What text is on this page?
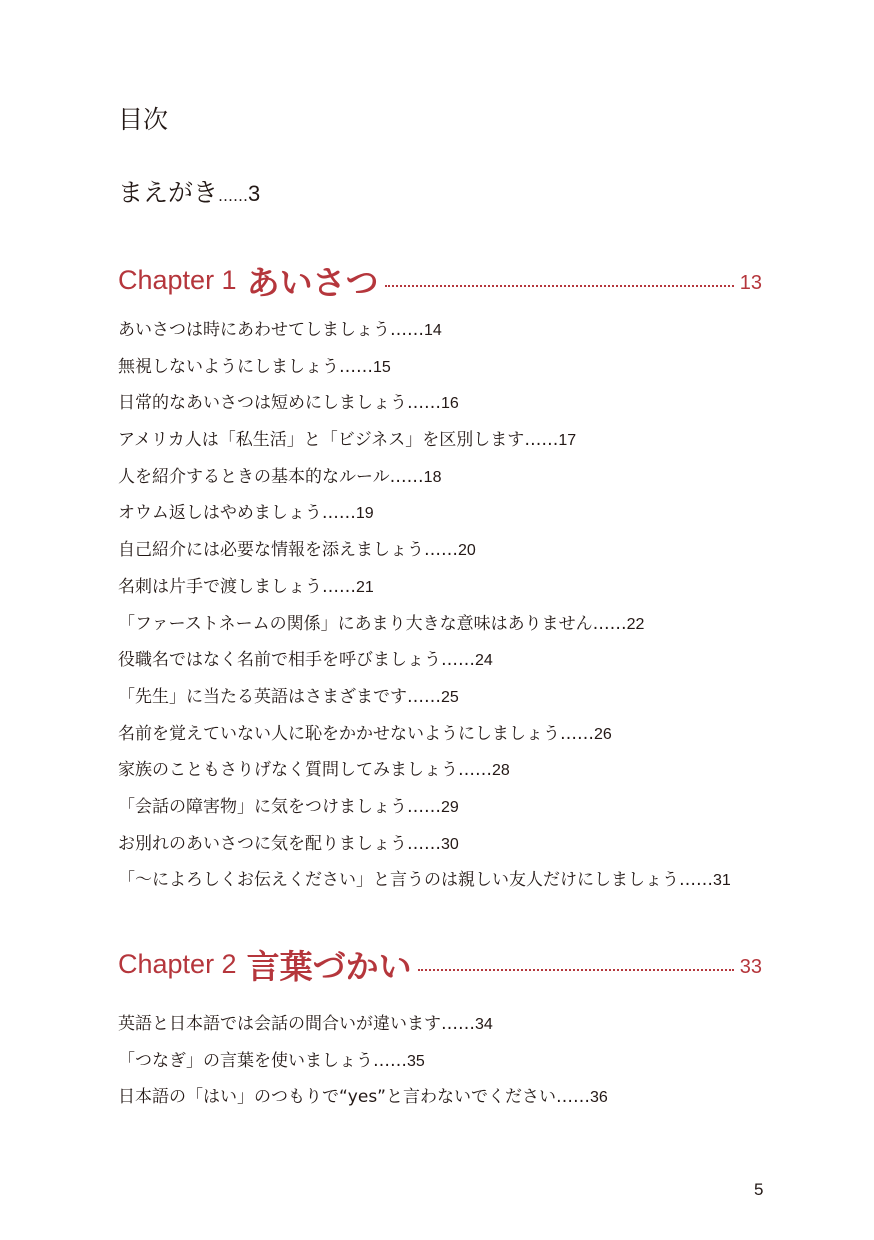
目次
まえがき……3
Chapter 1 あいさつ	13
あいさつは時にあわせてしましょう……14
無視しないようにしましょう……15
日常的なあいさつは短めにしましょう……16
アメリカ人は「私生活」と「ビジネス」を区別します……17
人を紹介するときの基本的なルール……18
オウム返しはやめましょう……19
自己紹介には必要な情報を添えましょう……20
名刺は片手で渡しましょう……21
「ファーストネームの関係」にあまり大きな意味はありません……22
役職名ではなく名前で相手を呼びましょう……24
「先生」に当たる英語はさまざまです……25
名前を覚えていない人に恥をかかせないようにしましょう……26
家族のこともさりげなく質問してみましょう……28
「会話の障害物」に気をつけましょう……29
お別れのあいさつに気を配りましょう……30
「〜によろしくお伝えください」と言うのは親しい友人だけにしましょう……31
Chapter 2 言葉づかい	33
英語と日本語では会話の間合いが違います……34
「つなぎ」の言葉を使いましょう……35
日本語の「はい」のつもりで“yes”と言わないでください……36
5
